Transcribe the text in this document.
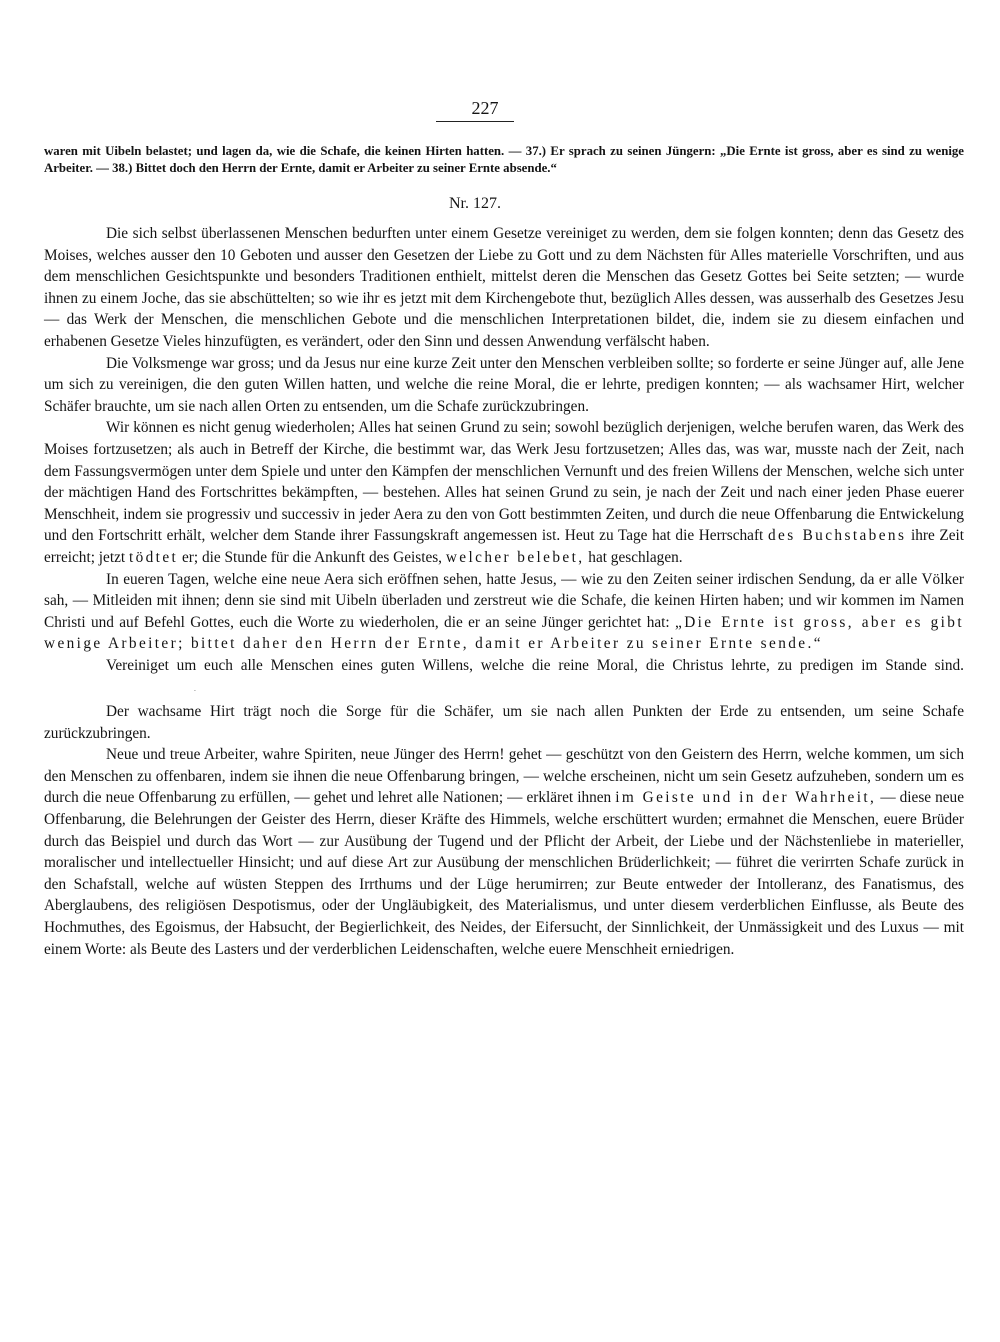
227
waren mit Uibeln belastet; und lagen da, wie die Schafe, die keinen Hirten hatten. — 37.) Er sprach zu seinen Jüngern: „Die Ernte ist gross, aber es sind zu wenige Arbeiter. — 38.) Bittet doch den Herrn der Ernte, damit er Arbeiter zu seiner Ernte absende.“
Nr. 127.

Die sich selbst überlassenen Menschen bedurften unter einem Gesetze vereiniget zu werden, dem sie folgen konnten; denn das Gesetz des Moises, welches ausser den 10 Geboten und ausser den Gesetzen der Liebe zu Gott und zu dem Nächsten für Alles materielle Vorschriften, und aus dem menschlichen Gesichtspunkte und besonders Traditionen enthielt, mittelst deren die Menschen das Gesetz Gottes bei Seite setzten; — wurde ihnen zu einem Joche, das sie abschüttelten; so wie ihr es jetzt mit dem Kirchengebote thut, bezüglich Alles dessen, was ausserhalb des Gesetzes Jesu — das Werk der Menschen, die menschlichen Gebote und die menschlichen Interpretationen bildet, die, indem sie zu diesem einfachen und erhabenen Gesetze Vieles hinzufügten, es verändert, oder den Sinn und dessen Anwendung verfälscht haben.

Die Volksmenge war gross; und da Jesus nur eine kurze Zeit unter den Menschen verbleiben sollte; so forderte er seine Jünger auf, alle Jene um sich zu vereinigen, die den guten Willen hatten, und welche die reine Moral, die er lehrte, predigen konnten; — als wachsamer Hirt, welcher Schäfer brauchte, um sie nach allen Orten zu entsenden, um die Schafe zurückzubringen.

Wir können es nicht genug wiederholen; Alles hat seinen Grund zu sein; sowohl bezüglich derjenigen, welche berufen waren, das Werk des Moises fortzusetzen; als auch in Betreff der Kirche, die bestimmt war, das Werk Jesu fortzusetzen; Alles das, was war, musste nach der Zeit, nach dem Fassungsvermögen unter dem Spiele und unter den Kämpfen der menschlichen Vernunft und des freien Willens der Menschen, welche sich unter der mächtigen Hand des Fortschrittes bekämpften, — bestehen. Alles hat seinen Grund zu sein, je nach der Zeit und nach einer jeden Phase euerer Menschheit, indem sie progressiv und successiv in jeder Aera zu den von Gott bestimmten Zeiten, und durch die neue Offenbarung die Entwickelung und den Fortschritt erhält, welcher dem Stande ihrer Fassungskraft angemessen ist. Heut zu Tage hat die Herrschaft des Buchstabens ihre Zeit erreicht; jetzt tödtet er; die Stunde für die Ankunft des Geistes, welcher belebet, hat geschlagen.

In eueren Tagen, welche eine neue Aera sich eröffnen sehen, hatte Jesus, — wie zu den Zeiten seiner irdischen Sendung, da er alle Völker sah, — Mitleiden mit ihnen; denn sie sind mit Uibeln überladen und zerstreut wie die Schafe, die keinen Hirten haben; und wir kommen im Namen Christi und auf Befehl Gottes, euch die Worte zu wiederholen, die er an seine Jünger gerichtet hat: „Die Ernte ist gross, aber es gibt wenige Arbeiter; bittet daher den Herrn der Ernte, damit er Arbeiter zu seiner Ernte sende.“

Vereiniget um euch alle Menschen eines guten Willens, welche die reine Moral, die Christus lehrte, zu predigen im Stande sind..

Der wachsame Hirt trägt noch die Sorge für die Schäfer, um sie nach allen Punkten der Erde zu entsenden, um seine Schafe zurückzubringen.

Neue und treue Arbeiter, wahre Spiriten, neue Jünger des Herrn! gehet — geschützt von den Geistern des Herrn, welche kommen, um sich den Menschen zu offenbaren, indem sie ihnen die neue Offenbarung bringen, — welche erscheinen, nicht um sein Gesetz aufzuheben, sondern um es durch die neue Offenbarung zu erfüllen, — gehet und lehret alle Nationen; — erkläret ihnen im Geiste und in der Wahrheit, — diese neue Offenbarung, die Belehrungen der Geister des Herrn, dieser Kräfte des Himmels, welche erschüttert wurden; ermahnet die Menschen, euere Brüder durch das Beispiel und durch das Wort — zur Ausübung der Tugend und der Pflicht der Arbeit, der Liebe und der Nächstenliebe in materieller, moralischer und intellectueller Hinsicht; und auf diese Art zur Ausübung der menschlichen Brüderlichkeit; — führet die verirrten Schafe zurück in den Schafstall, welche auf wüsten Steppen des Irrthums und der Lüge herumirren; zur Beute entweder der Intolleranz, des Fanatismus, des Aberglaubens, des religiösen Despotismus, oder der Ungläubigkeit, des Materialismus, und unter diesem verderblichen Einflusse, als Beute des Hochmuthes, des Egoismus, der Habsucht, der Begierlichkeit, des Neides, der Eifersucht, der Sinnlichkeit, der Unmässigkeit und des Luxus — mit einem Worte: als Beute des Lasters und der verderblichen Leidenschaften, welche euere Menschheit erniedrigen.
